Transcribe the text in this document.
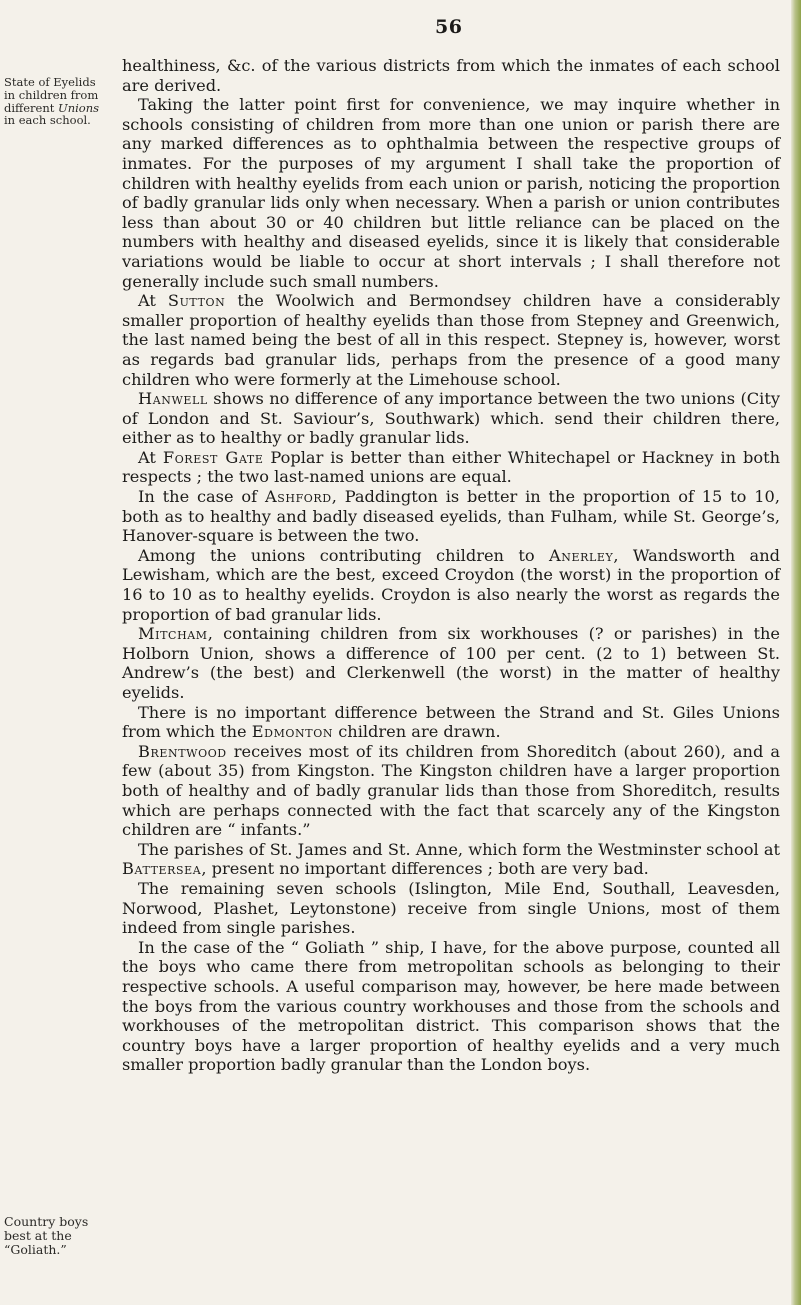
56
State of Eyelids
in children from
different Unions
in each school.
Country boys
best at the
“Goliath.”

healthiness, &c. of the various districts from which the inmates of each school are derived.

Taking the latter point first for convenience, we may inquire whether in schools consisting of children from more than one union or parish there are any marked differences as to ophthalmia between the respective groups of inmates. For the purposes of my argument I shall take the proportion of children with healthy eyelids from each union or parish, noticing the proportion of badly granular lids only when necessary. When a parish or union contributes less than about 30 or 40 children but little reliance can be placed on the numbers with healthy and diseased eyelids, since it is likely that considerable variations would be liable to occur at short intervals ; I shall therefore not generally include such small numbers.

At Sutton the Woolwich and Bermondsey children have a considerably smaller proportion of healthy eyelids than those from Stepney and Greenwich, the last named being the best of all in this respect. Stepney is, however, worst as regards bad granular lids, perhaps from the presence of a good many children who were formerly at the Limehouse school.

Hanwell shows no difference of any importance between the two unions (City of London and St. Saviour’s, Southwark) which. send their children there, either as to healthy or badly granular lids.

At Forest Gate Poplar is better than either Whitechapel or Hackney in both respects ; the two last-named unions are equal.

In the case of Ashford, Paddington is better in the proportion of 15 to 10, both as to healthy and badly diseased eyelids, than Fulham, while St. George’s, Hanover-square is between the two.

Among the unions contributing children to Anerley, Wandsworth and Lewisham, which are the best, exceed Croydon (the worst) in the proportion of 16 to 10 as to healthy eyelids. Croydon is also nearly the worst as regards the proportion of bad granular lids.

Mitcham, containing children from six workhouses (? or parishes) in the Holborn Union, shows a difference of 100 per cent. (2 to 1) between St. Andrew’s (the best) and Clerkenwell (the worst) in the matter of healthy eyelids.

There is no important difference between the Strand and St. Giles Unions from which the Edmonton children are drawn.

Brentwood receives most of its children from Shoreditch (about 260), and a few (about 35) from Kingston. The Kingston children have a larger proportion both of healthy and of badly granular lids than those from Shoreditch, results which are perhaps connected with the fact that scarcely any of the Kingston children are “ infants.”

The parishes of St. James and St. Anne, which form the Westminster school at Battersea, present no important differences ; both are very bad.

The remaining seven schools (Islington, Mile End, Southall, Leavesden, Norwood, Plashet, Leytonstone) receive from single Unions, most of them indeed from single parishes.

In the case of the “ Goliath ” ship, I have, for the above purpose, counted all the boys who came there from metropolitan schools as belonging to their respective schools. A useful comparison may, however, be here made between the boys from the various country workhouses and those from the schools and workhouses of the metropolitan district. This comparison shows that the country boys have a larger proportion of healthy eyelids and a very much smaller proportion badly granular than the London boys.
